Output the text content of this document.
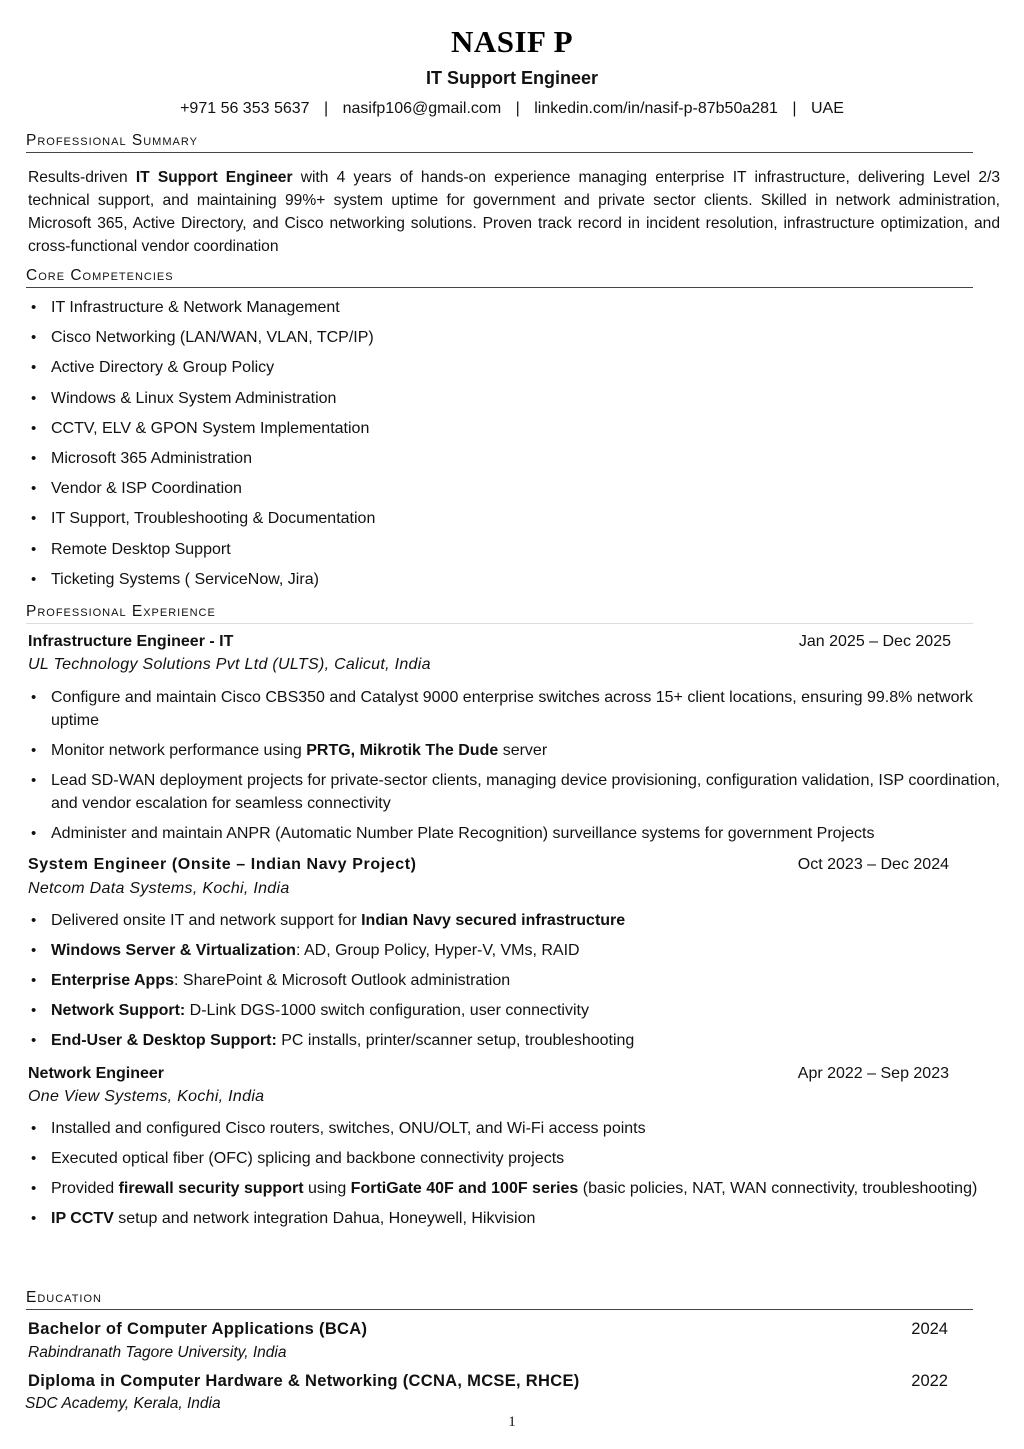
NASIF P
IT Support Engineer
+971 56 353 5637 | nasifp106@gmail.com | linkedin.com/in/nasif-p-87b50a281 | UAE
Professional Summary
Results-driven IT Support Engineer with 4 years of hands-on experience managing enterprise IT infrastructure, delivering Level 2/3 technical support, and maintaining 99%+ system uptime for government and private sector clients. Skilled in network administration, Microsoft 365, Active Directory, and Cisco networking solutions. Proven track record in incident resolution, infrastructure optimization, and cross-functional vendor coordination
Core Competencies
• IT Infrastructure & Network Management
• Cisco Networking (LAN/WAN, VLAN, TCP/IP)
• Active Directory & Group Policy
• Windows & Linux System Administration
• CCTV, ELV & GPON System Implementation
• Microsoft 365 Administration
• Vendor & ISP Coordination
• IT Support, Troubleshooting & Documentation
• Remote Desktop Support
• Ticketing Systems ( ServiceNow, Jira)
Professional Experience
Infrastructure Engineer - IT	Jan 2025 – Dec 2025
UL Technology Solutions Pvt Ltd (ULTS), Calicut, India
• Configure and maintain Cisco CBS350 and Catalyst 9000 enterprise switches across 15+ client locations, ensuring 99.8% network uptime
• Monitor network performance using PRTG, Mikrotik The Dude server
• Lead SD-WAN deployment projects for private-sector clients, managing device provisioning, configuration validation, ISP coordination, and vendor escalation for seamless connectivity
• Administer and maintain ANPR (Automatic Number Plate Recognition) surveillance systems for government Projects
System Engineer (Onsite – Indian Navy Project)	Oct 2023 – Dec 2024
Netcom Data Systems, Kochi, India
• Delivered onsite IT and network support for Indian Navy secured infrastructure
• Windows Server & Virtualization: AD, Group Policy, Hyper-V, VMs, RAID
• Enterprise Apps: SharePoint & Microsoft Outlook administration
• Network Support: D-Link DGS-1000 switch configuration, user connectivity
• End-User & Desktop Support: PC installs, printer/scanner setup, troubleshooting
Network Engineer	Apr 2022 – Sep 2023
One View Systems, Kochi, India
• Installed and configured Cisco routers, switches, ONU/OLT, and Wi-Fi access points
• Executed optical fiber (OFC) splicing and backbone connectivity projects
• Provided firewall security support using FortiGate 40F and 100F series (basic policies, NAT, WAN connectivity, troubleshooting)
• IP CCTV setup and network integration Dahua, Honeywell, Hikvision
Education
Bachelor of Computer Applications (BCA)	2024
Rabindranath Tagore University, India
Diploma in Computer Hardware & Networking (CCNA, MCSE, RHCE)	2022
SDC Academy, Kerala, India
1
